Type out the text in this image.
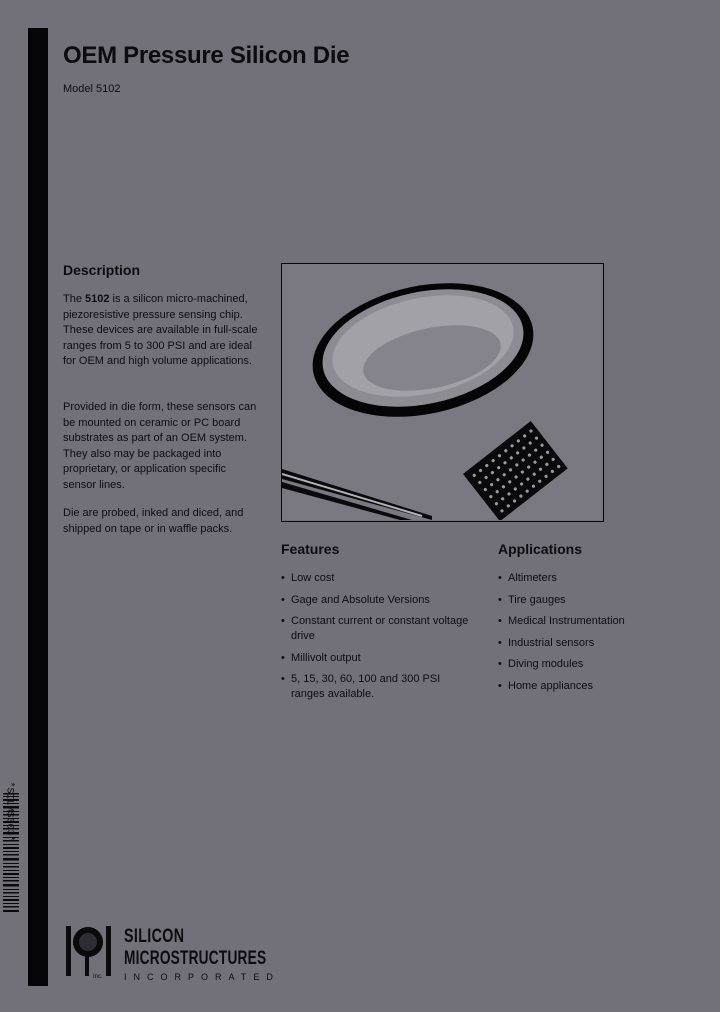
OEM Pressure Silicon Die
Model 5102
Description

The 5102 is a silicon micro-machined, piezoresistive pressure sensing chip. These devices are available in full-scale ranges from 5 to 300 PSI and are ideal for OEM and high volume applications.

Provided in die form, these sensors can be mounted on ceramic or PC board substrates as part of an OEM system. They also may be packaged into proprietary, or application specific sensor lines.

Die are probed, inked and diced, and shipped on tape or in waffle packs.

Features
• Low cost
• Gage and Absolute Versions
• Constant current or constant voltage drive
• Millivolt output
• 5, 15, 30, 60, 100 and 300 PSI ranges available.
Applications
• Altimeters
• Tire gauges
• Medical Instrumentation
• Industrial sensors
• Diving modules
• Home appliances
*SILMS003*
Inc.
SILICON
MICROSTRUCTURES
INCORPORATED
